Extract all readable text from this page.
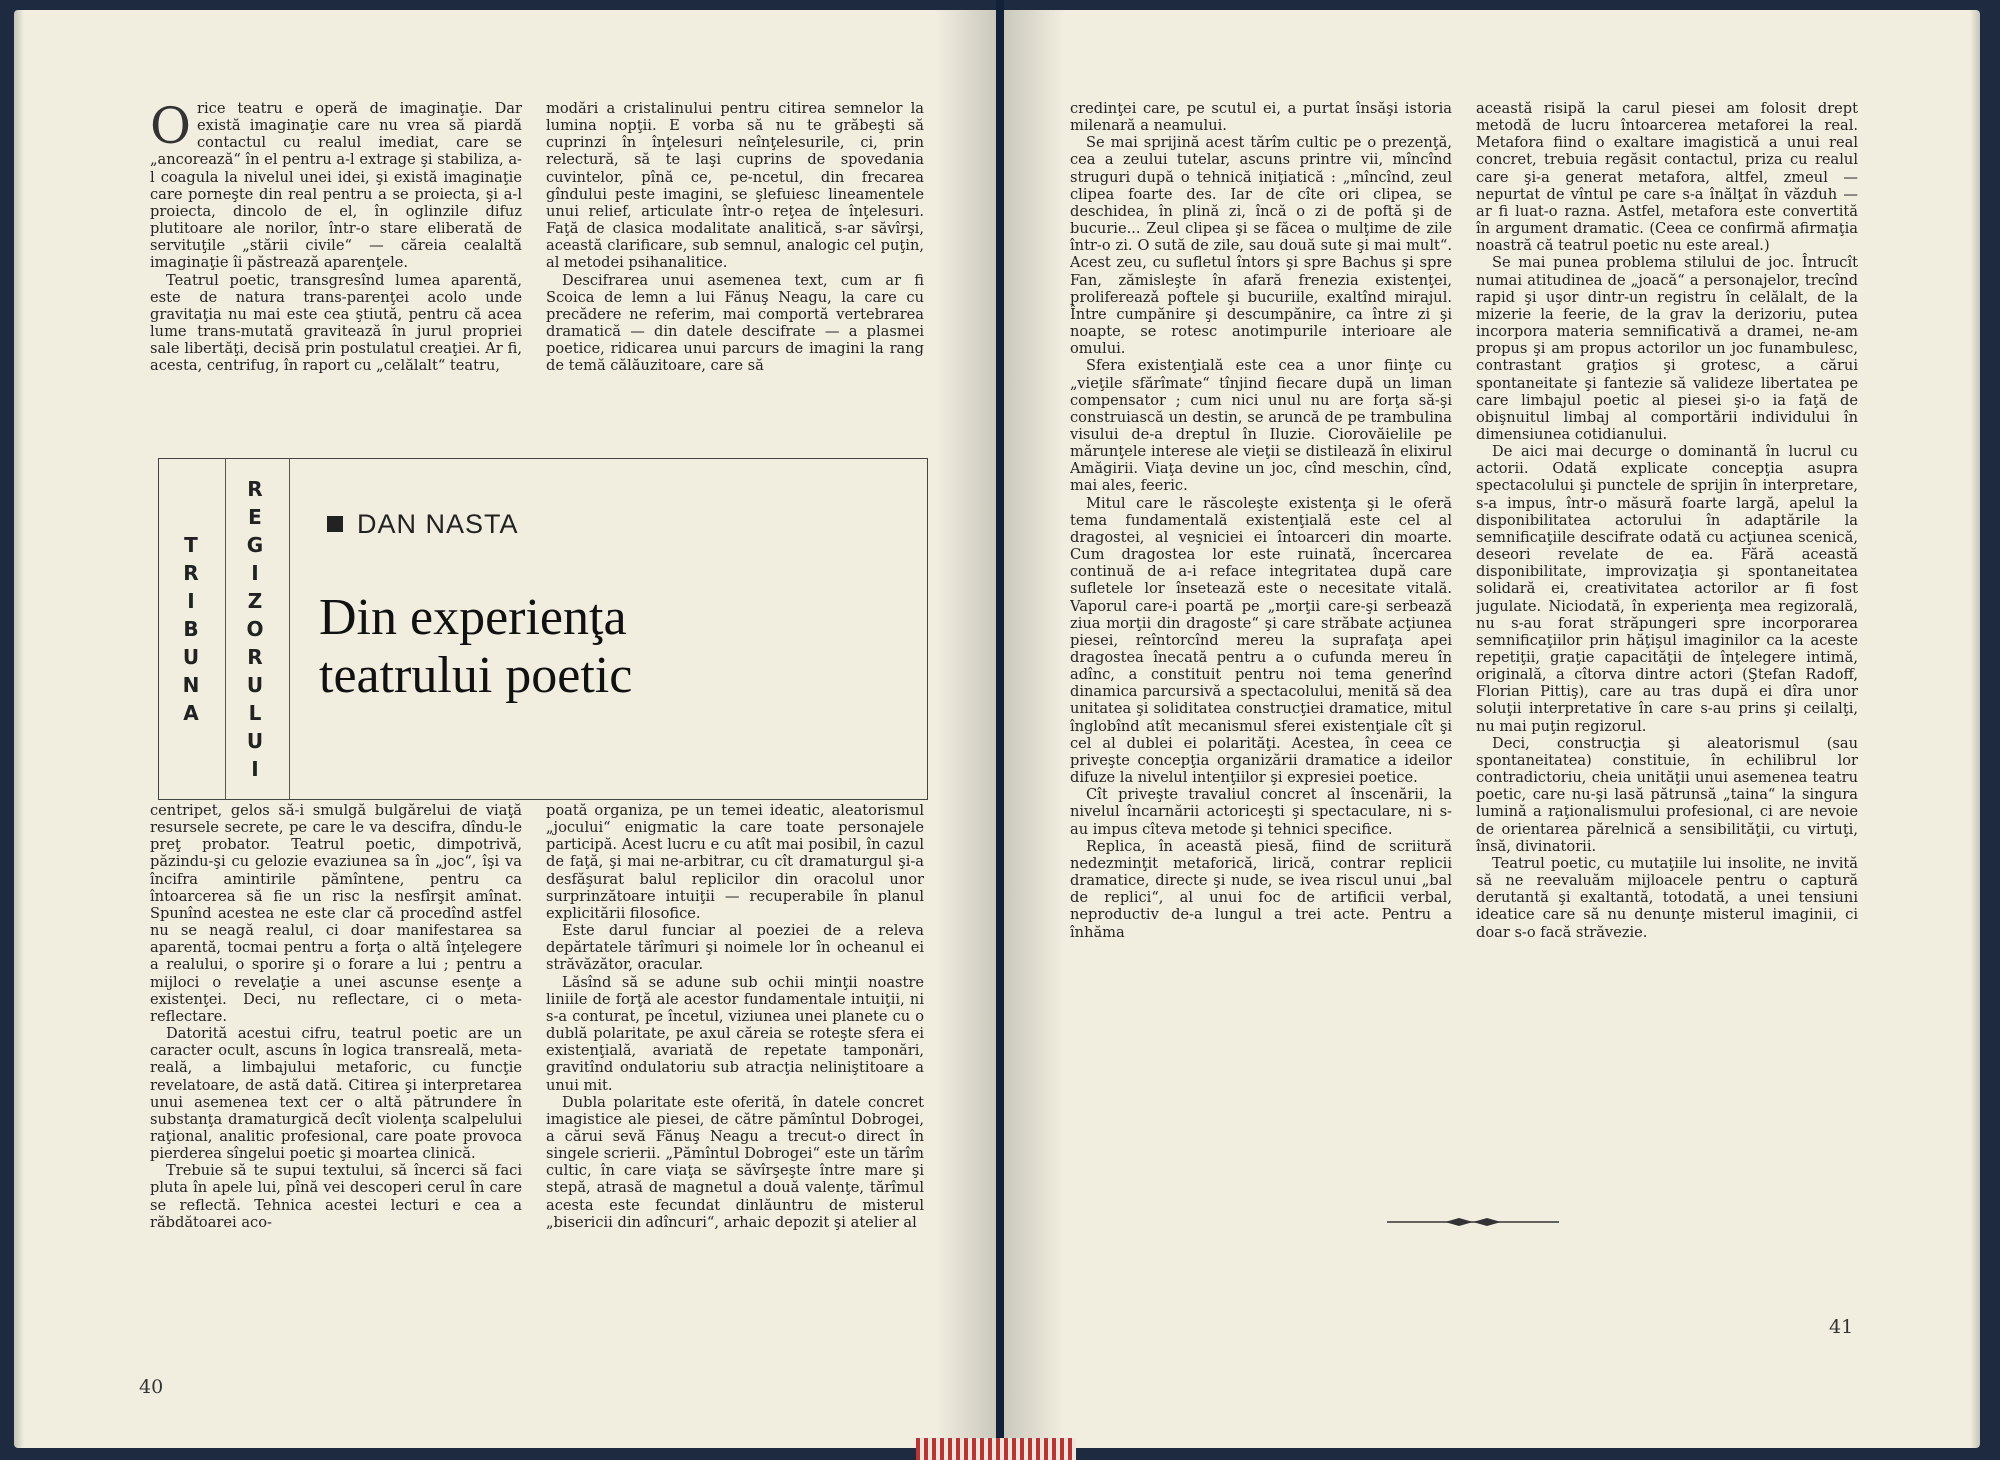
Orice teatru e operă de imaginaţie. Dar există imaginaţie care nu vrea să piardă contactul cu realul imediat, care se „ancorează“ în el pentru a-l extrage şi stabiliza, a-l coagula la nivelul unei idei, şi există imaginaţie care porneşte din real pentru a se proiecta, şi a-l proiecta, dincolo de el, în oglinzile difuz plutitoare ale norilor, într-o stare eliberată de servituţile „stării civile“ — căreia cealaltă imaginaţie îi păstrează aparenţele.

Teatrul poetic, transgresînd lumea aparentă, este de natura trans-parenţei acolo unde gravitaţia nu mai este cea ştiută, pentru că acea lume trans-mutată gravitează în jurul propriei sale libertăţi, decisă prin postulatul creaţiei. Ar fi, acesta, centrifug, în raport cu „celălalt“ teatru,

modări a cristalinului pentru citirea semnelor la lumina nopţii. E vorba să nu te grăbeşti să cuprinzi în înţelesuri neînţelesurile, ci, prin relectură, să te laşi cuprins de spovedania cuvintelor, pînă ce, pe-ncetul, din frecarea gîndului peste imagini, se şlefuiesc lineamentele unui relief, articulate într-o reţea de înţelesuri. Faţă de clasica modalitate analitică, s-ar săvîrşi, această clarificare, sub semnul, analogic cel puţin, al metodei psihanalitice.

Descifrarea unui asemenea text, cum ar fi Scoica de lemn a lui Fănuş Neagu, la care cu precădere ne referim, mai comportă vertebrarea dramatică — din datele descifrate — a plasmei poetice, ridicarea unui parcurs de imagini la rang de temă călăuzitoare, care să

T
R
I
B
U
N
A
R
E
G
I
Z
O
R
U
L
U
I
DAN NASTA
Din experienţa
teatrului poetic

centripet, gelos să-i smulgă bulgărelui de viaţă resursele secrete, pe care le va descifra, dîndu-le preţ probator. Teatrul poetic, dimpotrivă, păzindu-şi cu gelozie evaziunea sa în „joc“, îşi va încifra amintirile pămîntene, pentru ca întoarcerea să fie un risc la nesfîrşit amînat. Spunînd acestea ne este clar că procedînd astfel nu se neagă realul, ci doar manifestarea sa aparentă, tocmai pentru a forţa o altă înţelegere a realului, o sporire şi o forare a lui ; pentru a mijloci o revelaţie a unei ascunse esenţe a existenţei. Deci, nu reflectare, ci o meta-reflectare.

Datorită acestui cifru, teatrul poetic are un caracter ocult, ascuns în logica transreală, meta-reală, a limbajului metaforic, cu funcţie revelatoare, de astă dată. Citirea şi interpretarea unui asemenea text cer o altă pătrundere în substanţa dramaturgică decît violenţa scalpelului raţional, analitic profesional, care poate provoca pierderea sîngelui poetic şi moartea clinică.

Trebuie să te supui textului, să încerci să faci pluta în apele lui, pînă vei descoperi cerul în care se reflectă. Tehnica acestei lecturi e cea a răbdătoarei aco-

poată organiza, pe un temei ideatic, aleatorismul „jocului“ enigmatic la care toate personajele participă. Acest lucru e cu atît mai posibil, în cazul de faţă, şi mai ne-arbitrar, cu cît dramaturgul şi-a desfăşurat balul replicilor din oracolul unor surprinzătoare intuiţii — recuperabile în planul explicitării filosofice.

Este darul funciar al poeziei de a releva depărtatele tărîmuri şi noimele lor în ocheanul ei străvăzător, oracular.

Lăsînd să se adune sub ochii minţii noastre liniile de forţă ale acestor fundamentale intuiţii, ni s-a conturat, pe încetul, viziunea unei planete cu o dublă polaritate, pe axul căreia se roteşte sfera ei existenţială, avariată de repetate tamponări, gravitînd ondulatoriu sub atracţia neliniştitoare a unui mit.

Dubla polaritate este oferită, în datele concret imagistice ale piesei, de către pămîntul Dobrogei, a cărui sevă Fănuş Neagu a trecut-o direct în singele scrierii. „Pămîntul Dobrogei“ este un tărîm cultic, în care viaţa se săvîrşeşte între mare şi stepă, atrasă de magnetul a două valenţe, tărîmul acesta este fecundat dinlăuntru de misterul „bisericii din adîncuri“, arhaic depozit şi atelier al

40

credinţei care, pe scutul ei, a purtat însăşi istoria milenară a neamului.

Se mai sprijină acest tărîm cultic pe o prezenţă, cea a zeului tutelar, ascuns printre vii, mîncînd struguri după o tehnică iniţiatică : „mîncînd, zeul clipea foarte des. Iar de cîte ori clipea, se deschidea, în plină zi, încă o zi de poftă şi de bucurie... Zeul clipea şi se făcea o mulţime de zile într-o zi. O sută de zile, sau două sute şi mai mult“. Acest zeu, cu sufletul întors şi spre Bachus şi spre Fan, zămisleşte în afară frenezia existenţei, prolifereazǎ poftele şi bucuriile, exaltînd mirajul. Între cumpănire şi descumpănire, ca între zi şi noapte, se rotesc anotimpurile interioare ale omului.

Sfera existenţială este cea a unor fiinţe cu „vieţile sfărîmate“ tînjind fiecare după un liman compensator ; cum nici unul nu are forţa să-şi construiască un destin, se aruncă de pe trambulina visului de-a dreptul în Iluzie. Ciorovăielile pe mărunţele interese ale vieţii se distilează în elixirul Amăgirii. Viaţa devine un joc, cînd meschin, cînd, mai ales, feeric.

Mitul care le răscoleşte existenţa şi le oferă tema fundamentală existenţială este cel al dragostei, al veşniciei ei întoarceri din moarte. Cum dragostea lor este ruinată, încercarea continuă de a-i reface integritatea după care sufletele lor însetează este o necesitate vitală. Vaporul care-i poartă pe „morţii care-şi serbează ziua morţii din dragoste“ şi care străbate acţiunea piesei, reîntorcînd mereu la suprafaţa apei dragostea înecată pentru a o cufunda mereu în adînc, a constituit pentru noi tema generînd dinamica parcursivă a spectacolului, menită să dea unitatea şi soliditatea construcţiei dramatice, mitul înglobînd atît mecanismul sferei existenţiale cît şi cel al dublei ei polarităţi. Acestea, în ceea ce priveşte concepţia organizării dramatice a ideilor difuze la nivelul intenţiilor şi expresiei poetice.

Cît priveşte travaliul concret al înscenării, la nivelul încarnării actoriceşti şi spectaculare, ni s-au impus cîteva metode şi tehnici specifice.

Replica, în această piesă, fiind de scriitură nedezminţit metaforică, lirică, contrar replicii dramatice, directe şi nude, se ivea riscul unui „bal de replici“, al unui foc de artificii verbal, neproductiv de-a lungul a trei acte. Pentru a înhăma

această risipă la carul piesei am folosit drept metodă de lucru întoarcerea metaforei la real. Metafora fiind o exaltare imagistică a unui real concret, trebuia regăsit contactul, priza cu realul care şi-a generat metafora, altfel, zmeul — nepurtat de vîntul pe care s-a înălţat în văzduh — ar fi luat-o razna. Astfel, metafora este convertită în argument dramatic. (Ceea ce confirmă afirmaţia noastră că teatrul poetic nu este areal.)

Se mai punea problema stilului de joc. Întrucît numai atitudinea de „joacă“ a personajelor, trecînd rapid şi uşor dintr-un registru în celălalt, de la mizerie la feerie, de la grav la derizoriu, putea incorpora materia semnificativă a dramei, ne-am propus şi am propus actorilor un joc funambulesc, contrastant graţios şi grotesc, a cărui spontaneitate şi fantezie să valideze libertatea pe care limbajul poetic al piesei şi-o ia faţă de obişnuitul limbaj al comportării individului în dimensiunea cotidianului.

De aici mai decurge o dominantă în lucrul cu actorii. Odată explicate concepţia asupra spectacolului şi punctele de sprijin în interpretare, s-a impus, într-o măsură foarte largă, apelul la disponibilitatea actorului în adaptările la semnificaţiile descifrate odată cu acţiunea scenică, deseori revelate de ea. Fără această disponibilitate, improvizaţia şi spontaneitatea solidară ei, creativitatea actorilor ar fi fost jugulate. Niciodată, în experienţa mea regizorală, nu s-au forat străpungeri spre incorporarea semnificaţiilor prin hăţişul imaginilor ca la aceste repetiţii, graţie capacităţii de înţelegere intimă, originală, a cîtorva dintre actori (Ştefan Radoff, Florian Pittiş), care au tras după ei dîra unor soluţii interpretative în care s-au prins şi ceilalţi, nu mai puţin regizorul.

Deci, construcţia şi aleatorismul (sau spontaneitatea) constituie, în echilibrul lor contradictoriu, cheia unităţii unui asemenea teatru poetic, care nu-şi lasă pătrunsă „taina“ la singura lumină a raţionalismului profesional, ci are nevoie de orientarea părelnică a sensibilităţii, cu virtuţi, însă, divinatorii.

Teatrul poetic, cu mutaţiile lui insolite, ne invită să ne reevaluăm mijloacele pentru o captură derutantă şi exaltantă, totodată, a unei tensiuni ideatice care să nu denunţe misterul imaginii, ci doar s-o facă străvezie.

41
